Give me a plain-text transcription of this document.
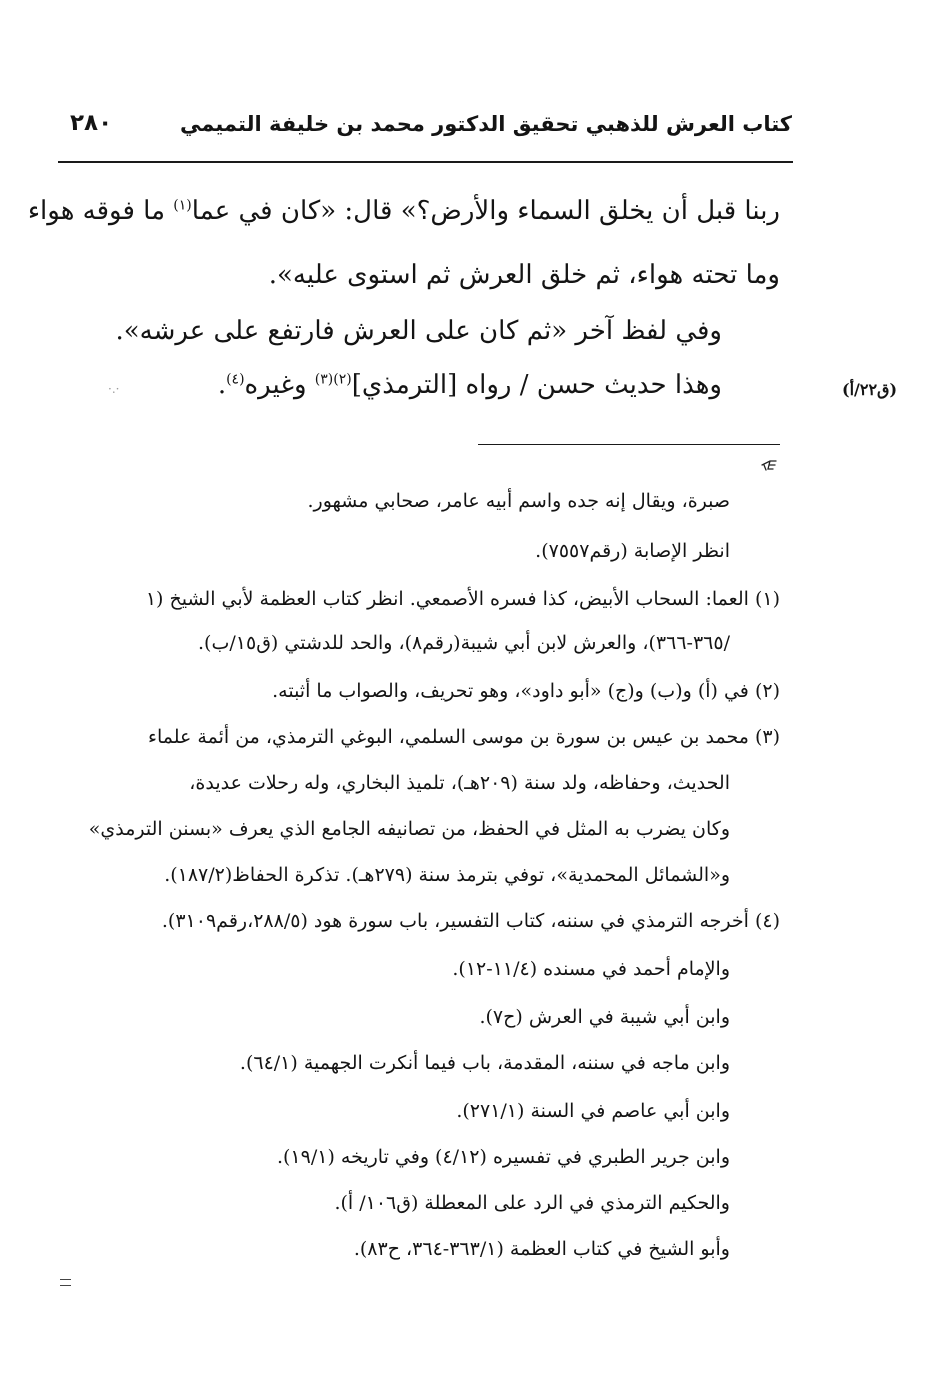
كتاب العرش للذهبي تحقيق الدكتور محمد بن خليفة التميمي
٢٨٠
ربنا قبل أن يخلق السماء والأرض؟» قال: «كان في عما$^{(١)}$ ما فوقه هواء
وما تحته هواء، ثم خلق العرش ثم استوى عليه».
وفي لفظ آخر «ثم كان على العرش فارتفع على عرشه».
وهذا حديث حسن / رواه [الترمذي]$^{(٢)(٣)}$ وغيره$^{(٤)}$.	(ق٢٢/أ)
·.·
صبرة، ويقال إنه جده واسم أبيه عامر، صحابي مشهور.
انظر الإصابة (رقم٧٥٥٧).
(١) العما: السحاب الأبيض، كذا فسره الأصمعي. انظر كتاب العظمة لأبي الشيخ (١
/٣٦٥-٣٦٦)، والعرش لابن أبي شيبة(رقم٨)، والحد للدشتي (ق١٥/ب).
(٢) في (أ) و(ب) و(ج) «أبو داود»، وهو تحريف، والصواب ما أثبته.
(٣) محمد بن عيس بن سورة بن موسى السلمي، البوغي الترمذي، من أئمة علماء
الحديث، وحفاظه، ولد سنة (٢٠٩هـ)، تلميذ البخاري، وله رحلات عديدة،
وكان يضرب به المثل في الحفظ، من تصانيفه الجامع الذي يعرف «بسنن الترمذي»
و«الشمائل المحمدية»، توفي بترمذ سنة (٢٧٩هـ). تذكرة الحفاظ(١٨٧/٢).
(٤) أخرجه الترمذي في سننه، كتاب التفسير، باب سورة هود (٢٨٨/٥،رقم٣١٠٩).
والإمام أحمد في مسنده (١١/٤-١٢).
وابن أبي شيبة في العرش (ح٧).
وابن ماجه في سننه، المقدمة، باب فيما أنكرت الجهمية (٦٤/١).
وابن أبي عاصم في السنة (٢٧١/١).
وابن جرير الطبري في تفسيره (٤/١٢) وفي تاريخه (١٩/١).
والحكيم الترمذي في الرد على المعطلة (ق١٠٦/ أ).
وأبو الشيخ في كتاب العظمة (٣٦٣/١-٣٦٤، ح٨٣).
